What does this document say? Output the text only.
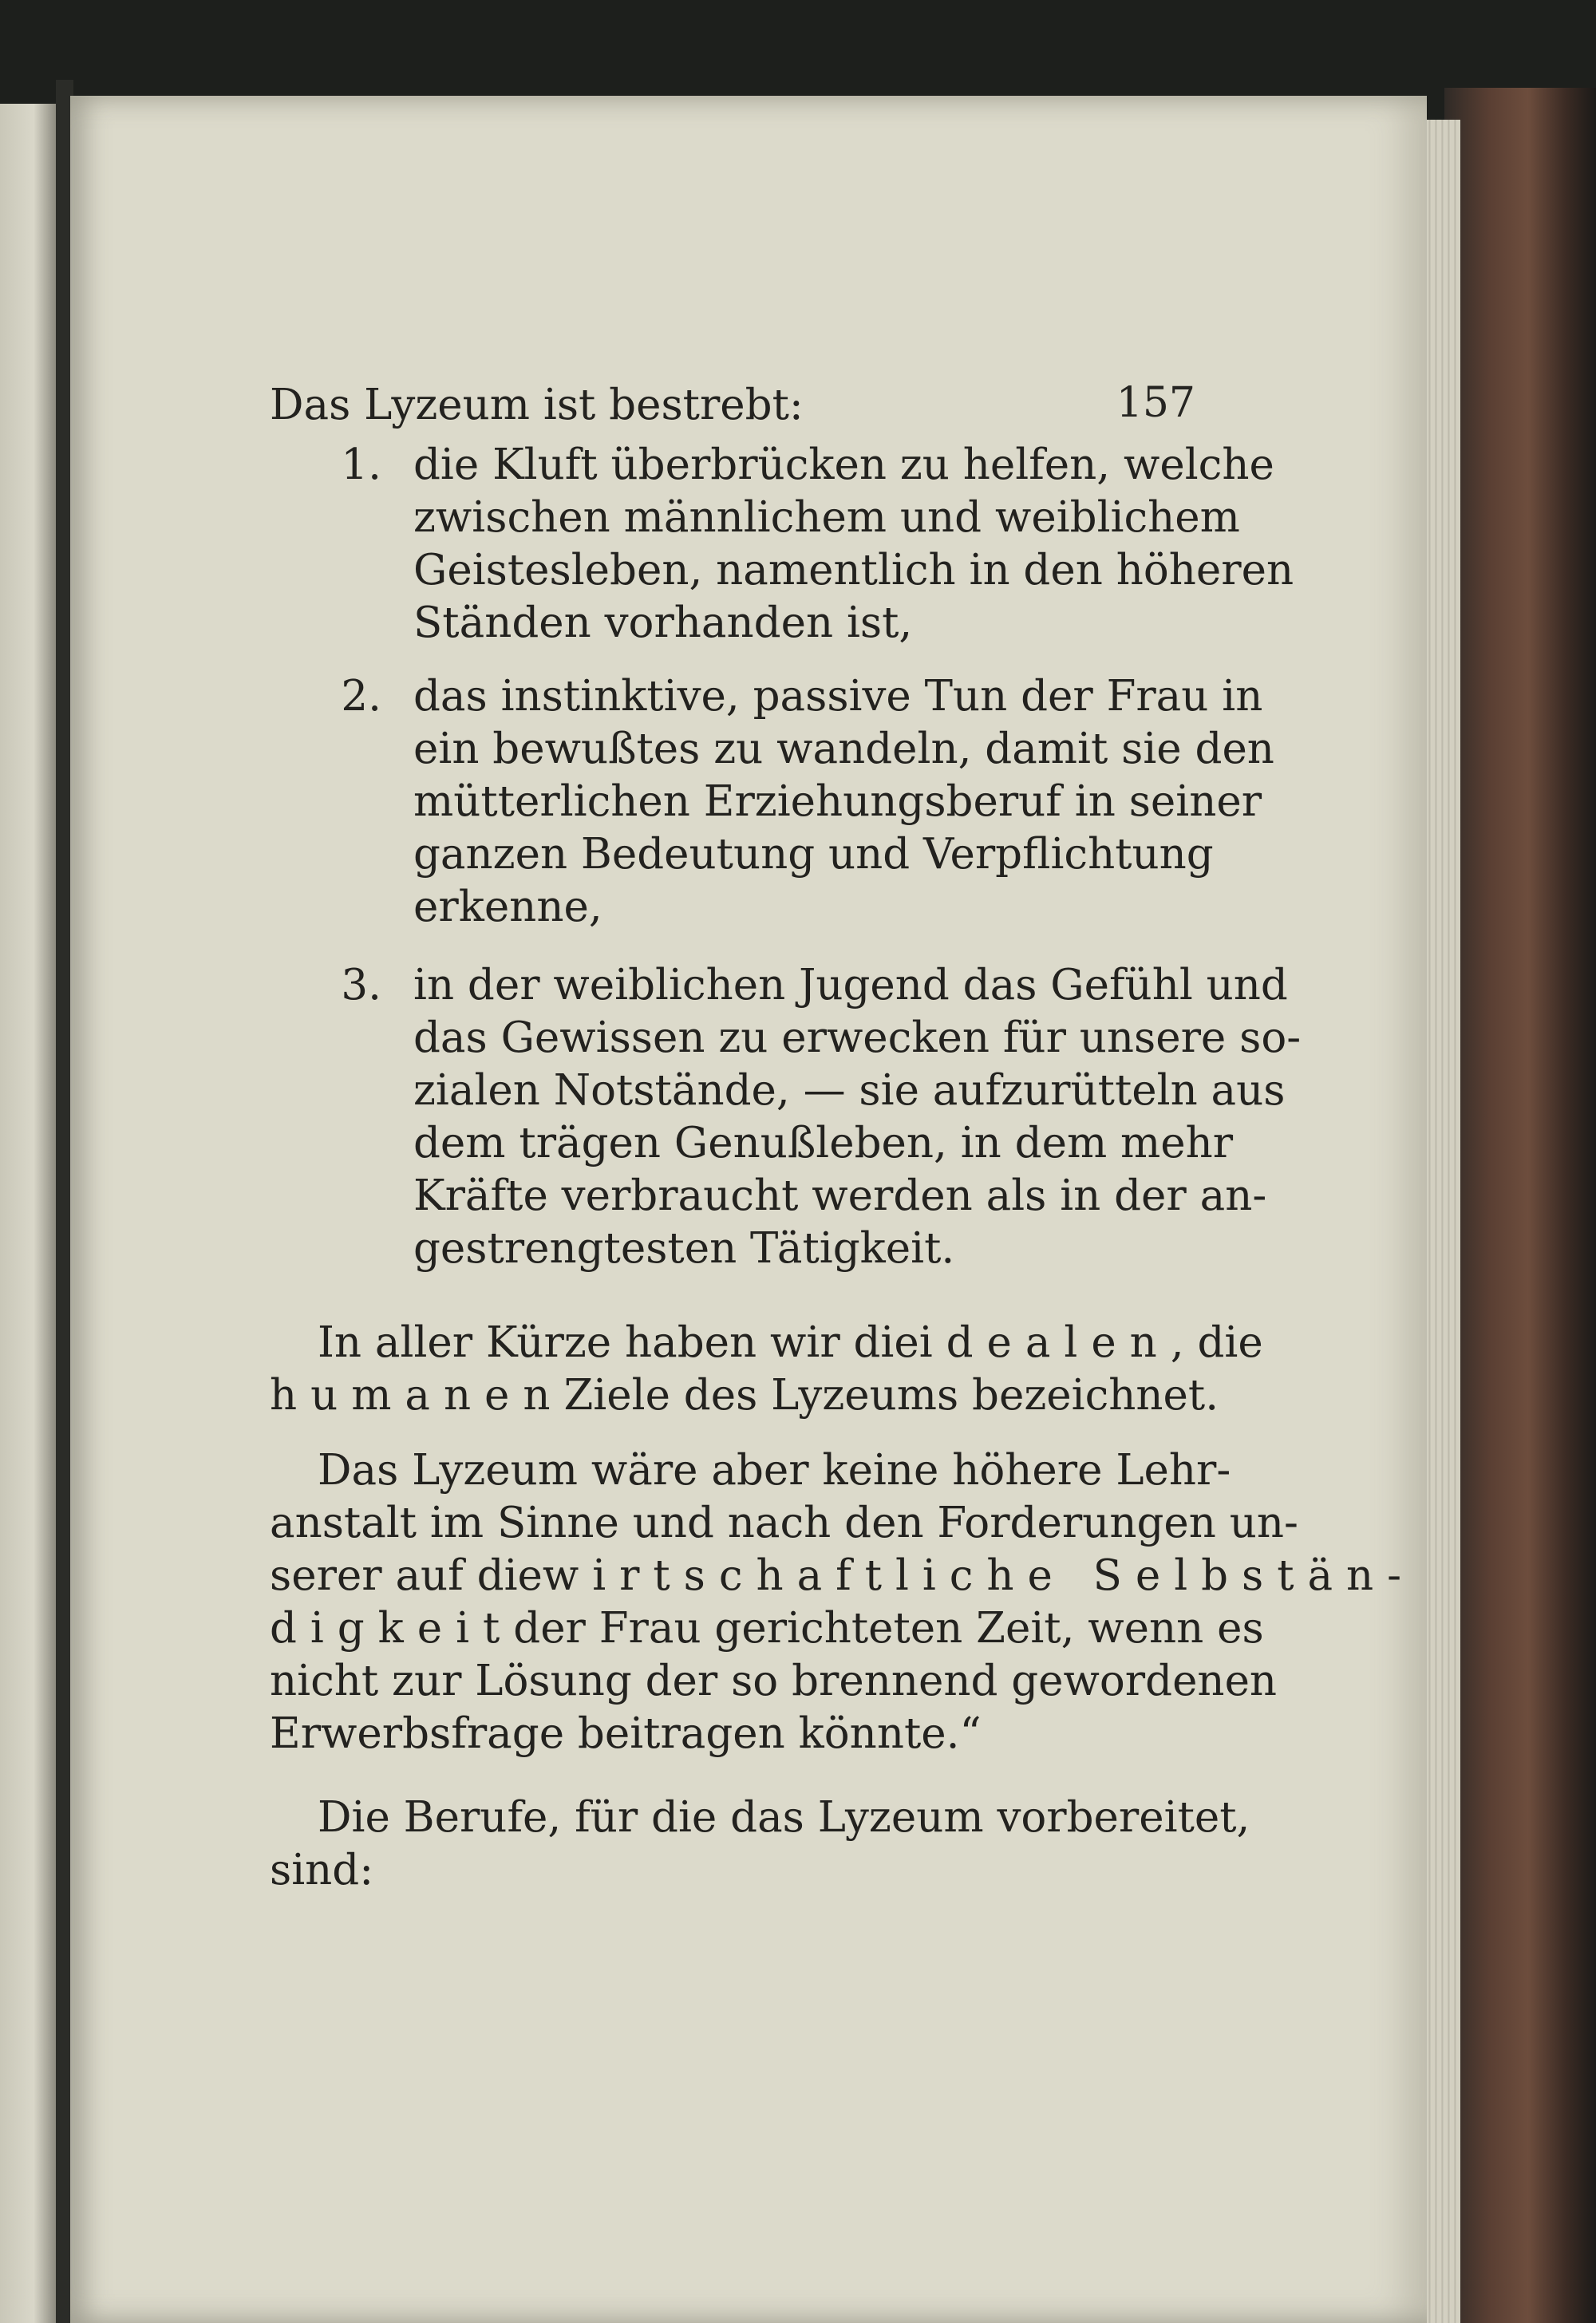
157
Das Lyzeum ist bestrebt:
1. die Kluft überbrücken zu helfen, welche
zwischen männlichem und weiblichem
Geistesleben, namentlich in den höheren
Ständen vorhanden ist,
2. das instinktive, passive Tun der Frau in
ein bewußtes zu wandeln, damit sie den
mütterlichen Erziehungsberuf in seiner
ganzen Bedeutung und Verpflichtung
erkenne,
3. in der weiblichen Jugend das Gefühl und
das Gewissen zu erwecken für unsere so-
zialen Notstände, — sie aufzurütteln aus
dem trägen Genußleben, in dem mehr
Kräfte verbraucht werden als in der an-
gestrengtesten Tätigkeit.
In aller Kürze haben wir die idealen , die
humanen Ziele des Lyzeums bezeichnet.
Das Lyzeum wäre aber keine höhere Lehr-
anstalt im Sinne und nach den Forderungen un-
serer auf die wirtschaftliche Selbstän-
digkeit der Frau gerichteten Zeit, wenn es
nicht zur Lösung der so brennend gewordenen
Erwerbsfrage beitragen könnte.“
Die Berufe, für die das Lyzeum vorbereitet,
sind:
